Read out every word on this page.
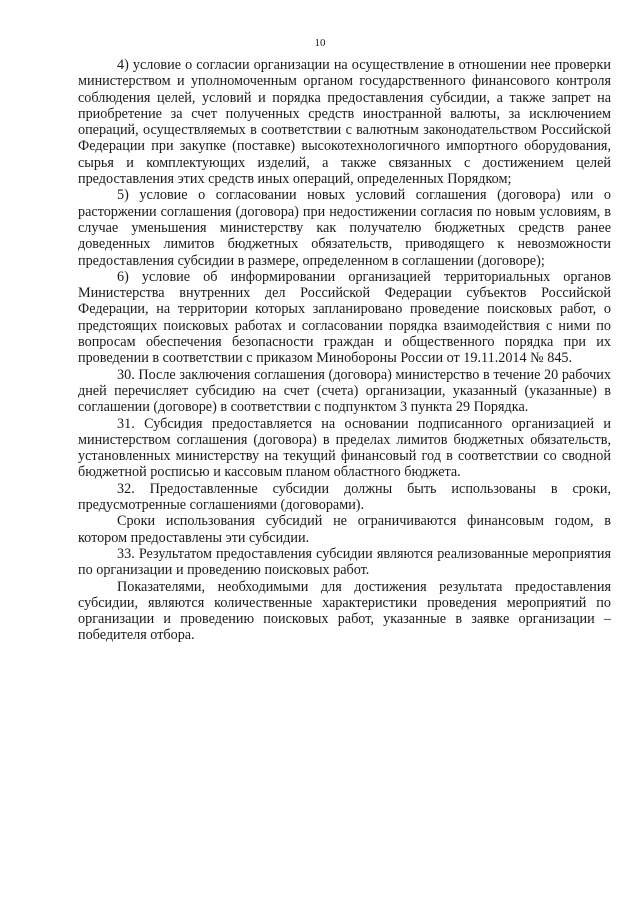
10

4) условие о согласии организации на осуществление в отношении нее проверки министерством и уполномоченным органом государственного финансового контроля соблюдения целей, условий и порядка предоставления субсидии, а также запрет на приобретение за счет полученных средств иностранной валюты, за исключением операций, осуществляемых в соответствии с валютным законодательством Российской Федерации при закупке (поставке) высокотехнологичного импортного оборудования, сырья и комплектующих изделий, а также связанных с достижением целей предоставления этих средств иных операций, определенных Порядком;

5) условие о согласовании новых условий соглашения (договора) или о расторжении соглашения (договора) при недостижении согласия по новым условиям, в случае уменьшения министерству как получателю бюджетных средств ранее доведенных лимитов бюджетных обязательств, приводящего к невозможности предоставления субсидии в размере, определенном в соглашении (договоре);

6) условие об информировании организацией территориальных органов Министерства внутренних дел Российской Федерации субъектов Российской Федерации, на территории которых запланировано проведение поисковых работ, о предстоящих поисковых работах и согласовании порядка взаимодействия с ними по вопросам обеспечения безопасности граждан и общественного порядка при их проведении в соответствии с приказом Минобороны России от 19.11.2014 № 845.

30. После заключения соглашения (договора) министерство в течение 20 рабочих дней перечисляет субсидию на счет (счета) организации, указанный (указанные) в соглашении (договоре) в соответствии с подпунктом 3 пункта 29 Порядка.

31. Субсидия предоставляется на основании подписанного организацией и министерством соглашения (договора) в пределах лимитов бюджетных обязательств, установленных министерству на текущий финансовый год в соответствии со сводной бюджетной росписью и кассовым планом областного бюджета.

32. Предоставленные субсидии должны быть использованы в сроки, предусмотренные соглашениями (договорами).

Сроки использования субсидий не ограничиваются финансовым годом, в котором предоставлены эти субсидии.

33. Результатом предоставления субсидии являются реализованные мероприятия по организации и проведению поисковых работ.

Показателями, необходимыми для достижения результата предоставления субсидии, являются количественные характеристики проведения мероприятий по организации и проведению поисковых работ, указанные в заявке организации – победителя отбора.
